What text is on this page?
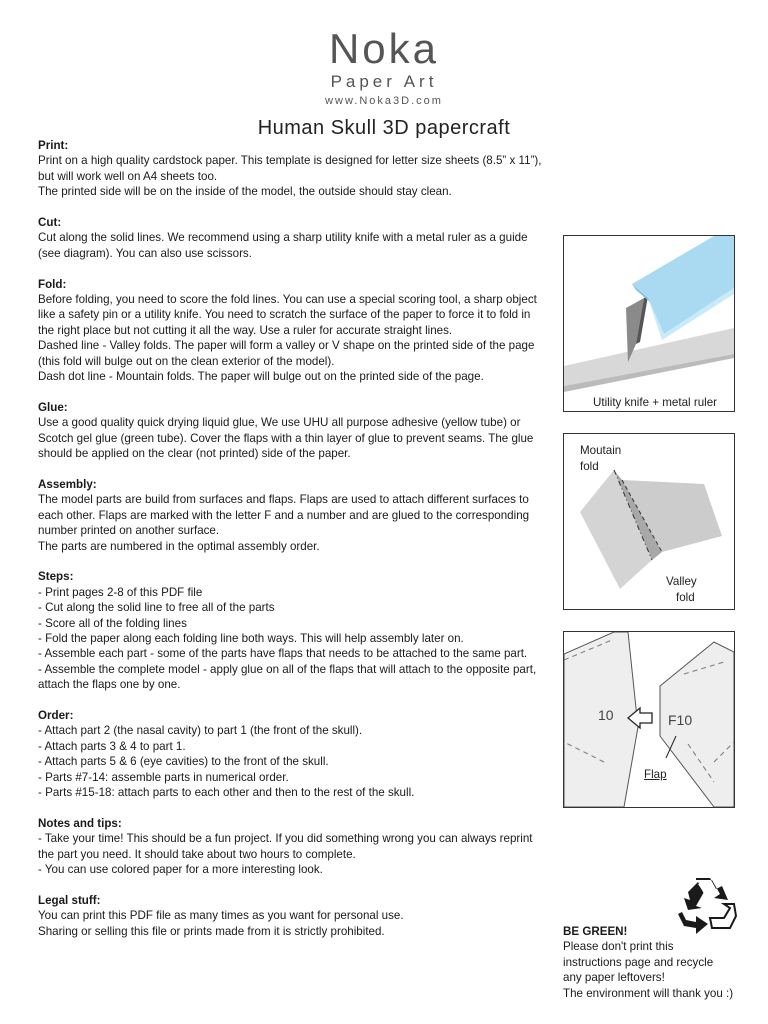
Noka
Paper Art
www.Noka3D.com
Human Skull 3D papercraft
Print:

Print on a high quality cardstock paper. This template is designed for letter size sheets (8.5” x 11”),

but will work well on A4 sheets too.

The printed side will be on the inside of the model, the outside should stay clean.

Cut:

Cut along the solid lines. We recommend using a sharp utility knife with a metal ruler as a guide

(see diagram). You can also use scissors.

Fold:

Before folding, you need to score the fold lines. You can use a special scoring tool, a sharp object

like a safety pin or a utility knife. You need to scratch the surface of the paper to force it to fold in

the right place but not cutting it all the way. Use a ruler for accurate straight lines.

Dashed line - Valley folds. The paper will form a valley or V shape on the printed side of the page

(this fold will bulge out on the clean exterior of the model).

Dash dot line - Mountain folds. The paper will bulge out on the printed side of the page.

Glue:

Use a good quality quick drying liquid glue, We use UHU all purpose adhesive (yellow tube) or

Scotch gel glue (green tube). Cover the flaps with a thin layer of glue to prevent seams. The glue

should be applied on the clear (not printed) side of the paper.

Assembly:

The model parts are build from surfaces and flaps. Flaps are used to attach different surfaces to

each other. Flaps are marked with the letter F and a number and are glued to the corresponding

number printed on another surface.

The parts are numbered in the optimal assembly order.

Steps:

- Print pages 2-8 of this PDF file

- Cut along the solid line to free all of the parts

- Score all of the folding lines

- Fold the paper along each folding line both ways. This will help assembly later on.

- Assemble each part - some of the parts have flaps that needs to be attached to the same part.

- Assemble the complete model - apply glue on all of the flaps that will attach to the opposite part,

attach the flaps one by one.

Order:

- Attach part 2 (the nasal cavity) to part 1 (the front of the skull).

- Attach parts 3 & 4 to part 1.

- Attach parts 5 & 6 (eye cavities) to the front of the skull.

- Parts #7-14: assemble parts in numerical order.

- Parts #15-18: attach parts to each other and then to the rest of the skull.

Notes and tips:

- Take your time! This should be a fun project. If you did something wrong you can always reprint

the part you need. It should take about two hours to complete.

- You can use colored paper for a more interesting look.

Legal stuff:

You can print this PDF file as many times as you want for personal use.

Sharing or selling this file or prints made from it is strictly prohibited.

Utility knife + metal ruler
Moutain
fold
Valley
fold
10	F10
Flap
BE GREEN!
Please don't print this
instructions page and recycle
any paper leftovers!
The environment will thank you :)
